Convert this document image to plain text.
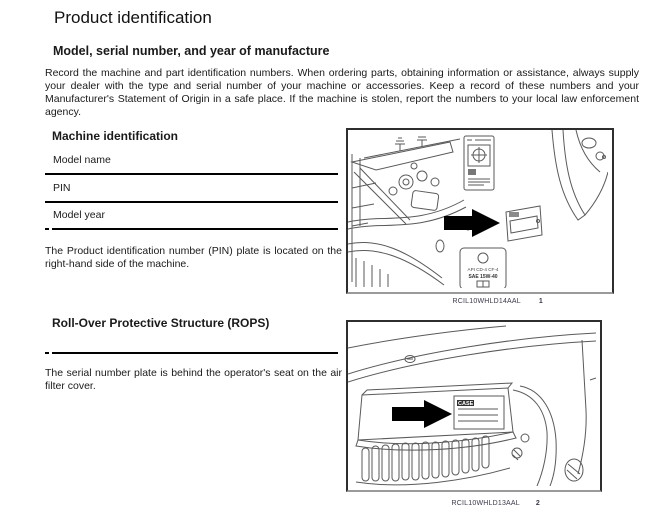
Product identification
Model, serial number, and year of manufacture
Record the machine and part identification numbers. When ordering parts, obtaining information or assistance, always supply your dealer with the type and serial number of your machine or accessories. Keep a record of these numbers and your Manufacturer's Statement of Origin in a safe place. If the machine is stolen, report the numbers to your local law enforcement agency.
Machine identification
Model name
PIN
Model year
The Product identification number (PIN) plate is located on the right-hand side of the machine.
Roll-Over Protective Structure (ROPS)
The serial number plate is behind the operator's seat on the air filter cover.
API CD-4 CF-4
SAE 15W-40
RCIL10WHLD14AAL	1
CASE
RCIL10WHLD13AAL 2
